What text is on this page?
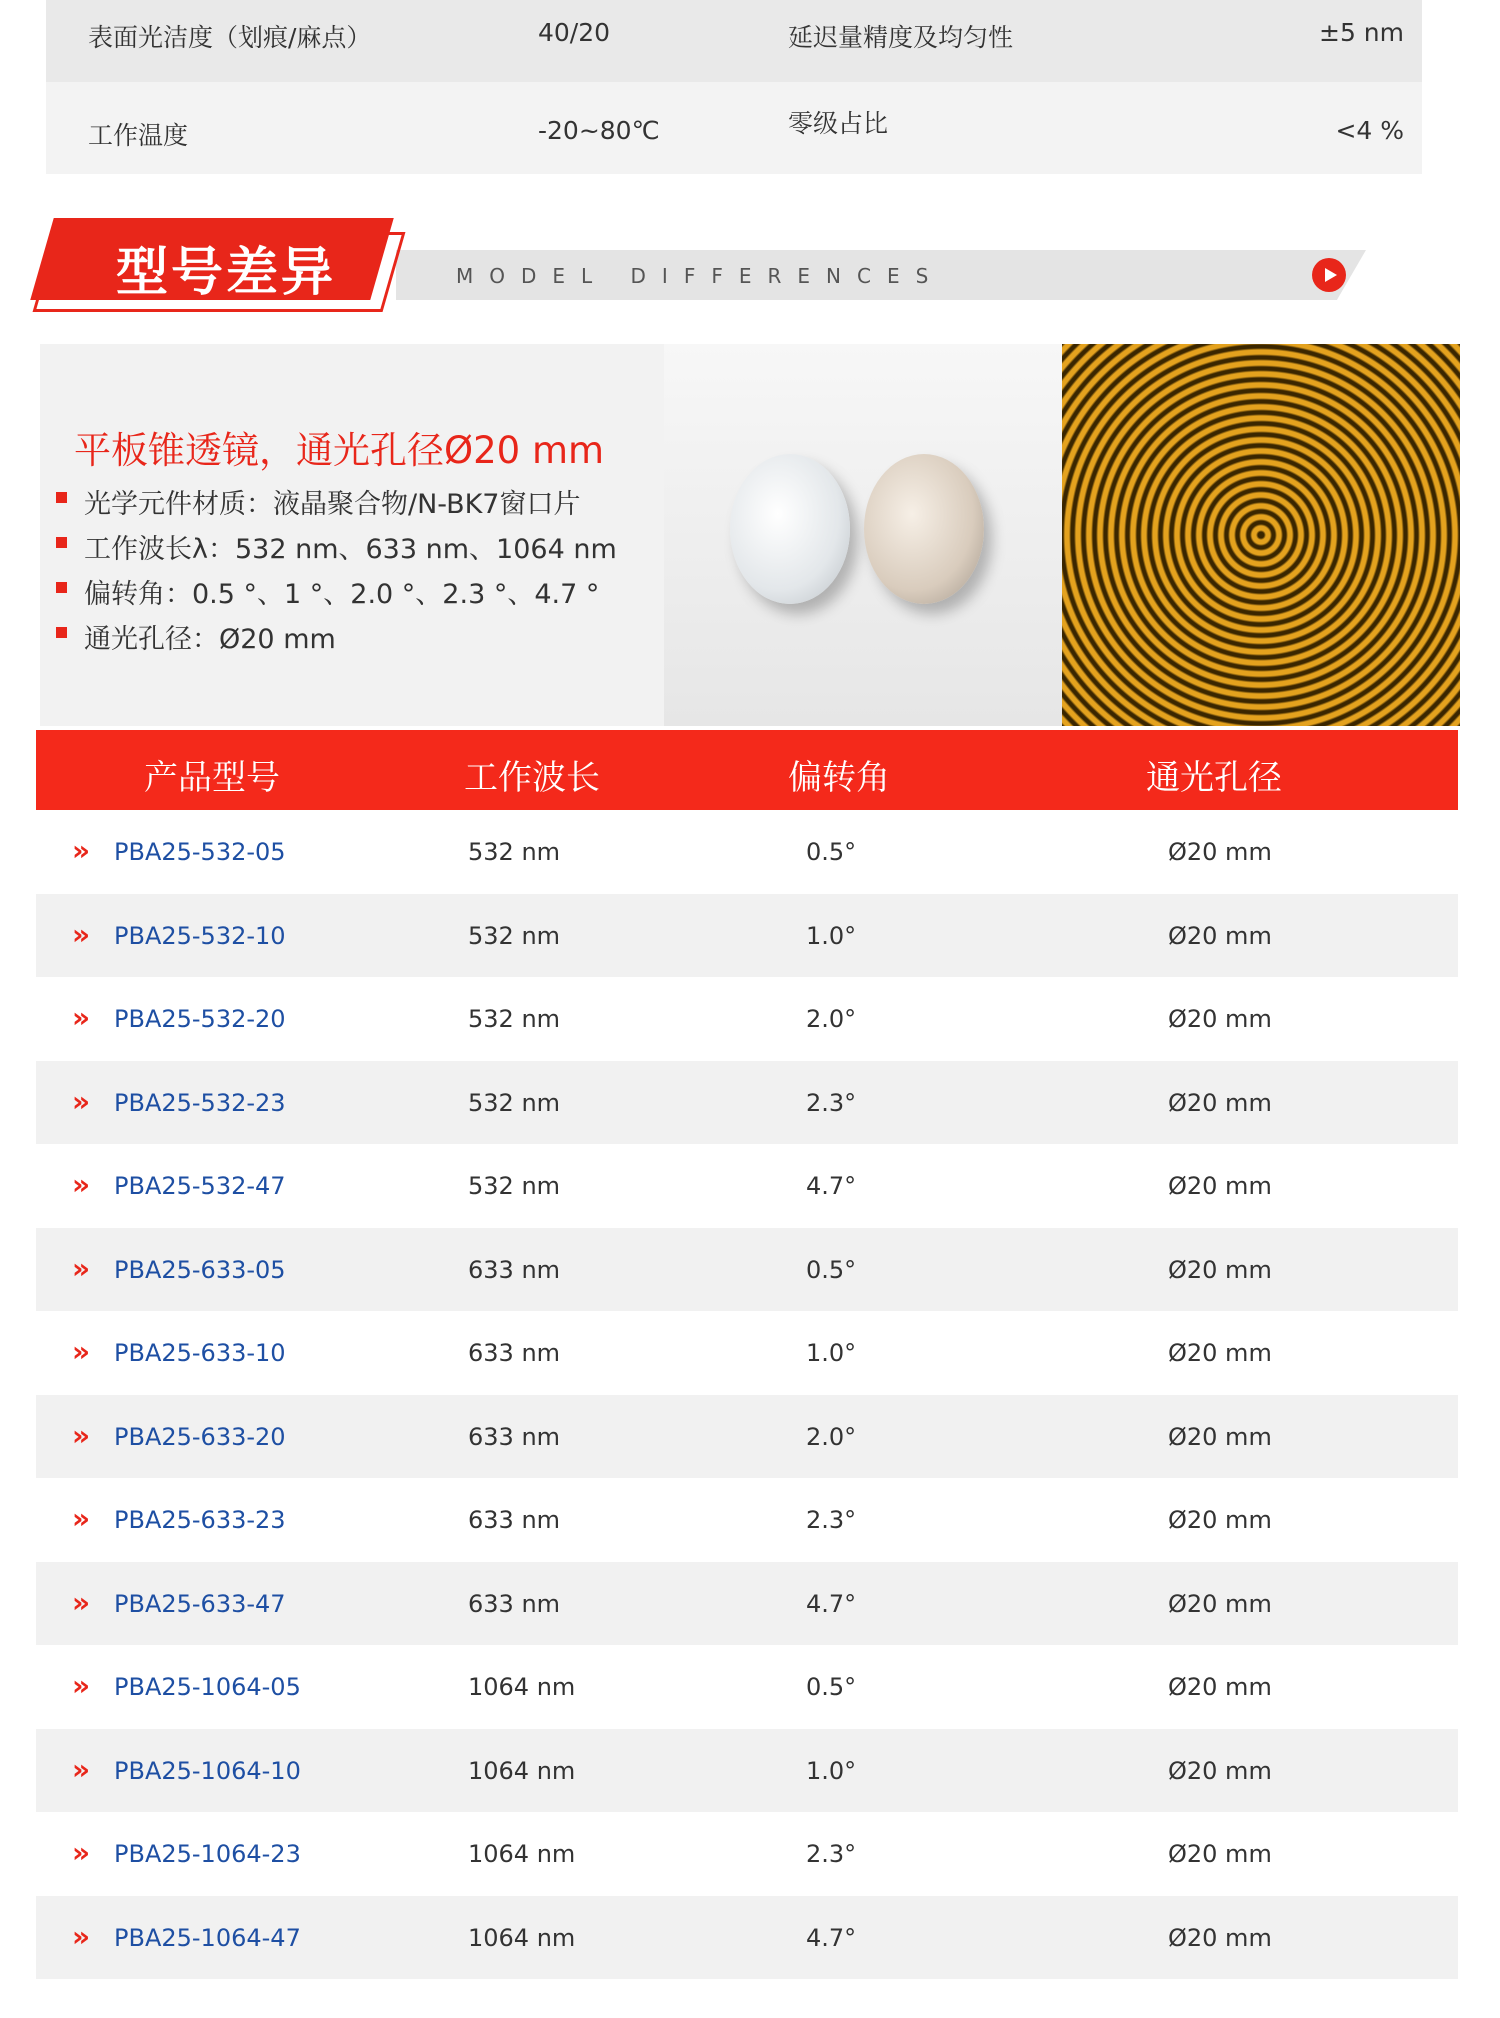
表面光洁度（划痕/麻点）	40/20	延迟量精度及均匀性	±5 nm
工作温度	-20~80℃	零级占比	<4 %
MODEL DIFFERENCES
型号差异
平板锥透镜，通光孔径Ø20 mm
光学元件材质：液晶聚合物/N-BK7窗口片
工作波长λ：532 nm、633 nm、1064 nm
偏转角：0.5 °、1 °、2.0 °、2.3 °、4.7 °
通光孔径：Ø20 mm
产品型号	工作波长	偏转角	通光孔径
» PBA25-532-05	532 nm	0.5°	Ø20 mm
» PBA25-532-10	532 nm	1.0°	Ø20 mm
» PBA25-532-20	532 nm	2.0°	Ø20 mm
» PBA25-532-23	532 nm	2.3°	Ø20 mm
» PBA25-532-47	532 nm	4.7°	Ø20 mm
» PBA25-633-05	633 nm	0.5°	Ø20 mm
» PBA25-633-10	633 nm	1.0°	Ø20 mm
» PBA25-633-20	633 nm	2.0°	Ø20 mm
» PBA25-633-23	633 nm	2.3°	Ø20 mm
» PBA25-633-47	633 nm	4.7°	Ø20 mm
» PBA25-1064-05	1064 nm	0.5°	Ø20 mm
» PBA25-1064-10	1064 nm	1.0°	Ø20 mm
» PBA25-1064-23	1064 nm	2.3°	Ø20 mm
» PBA25-1064-47	1064 nm	4.7°	Ø20 mm
